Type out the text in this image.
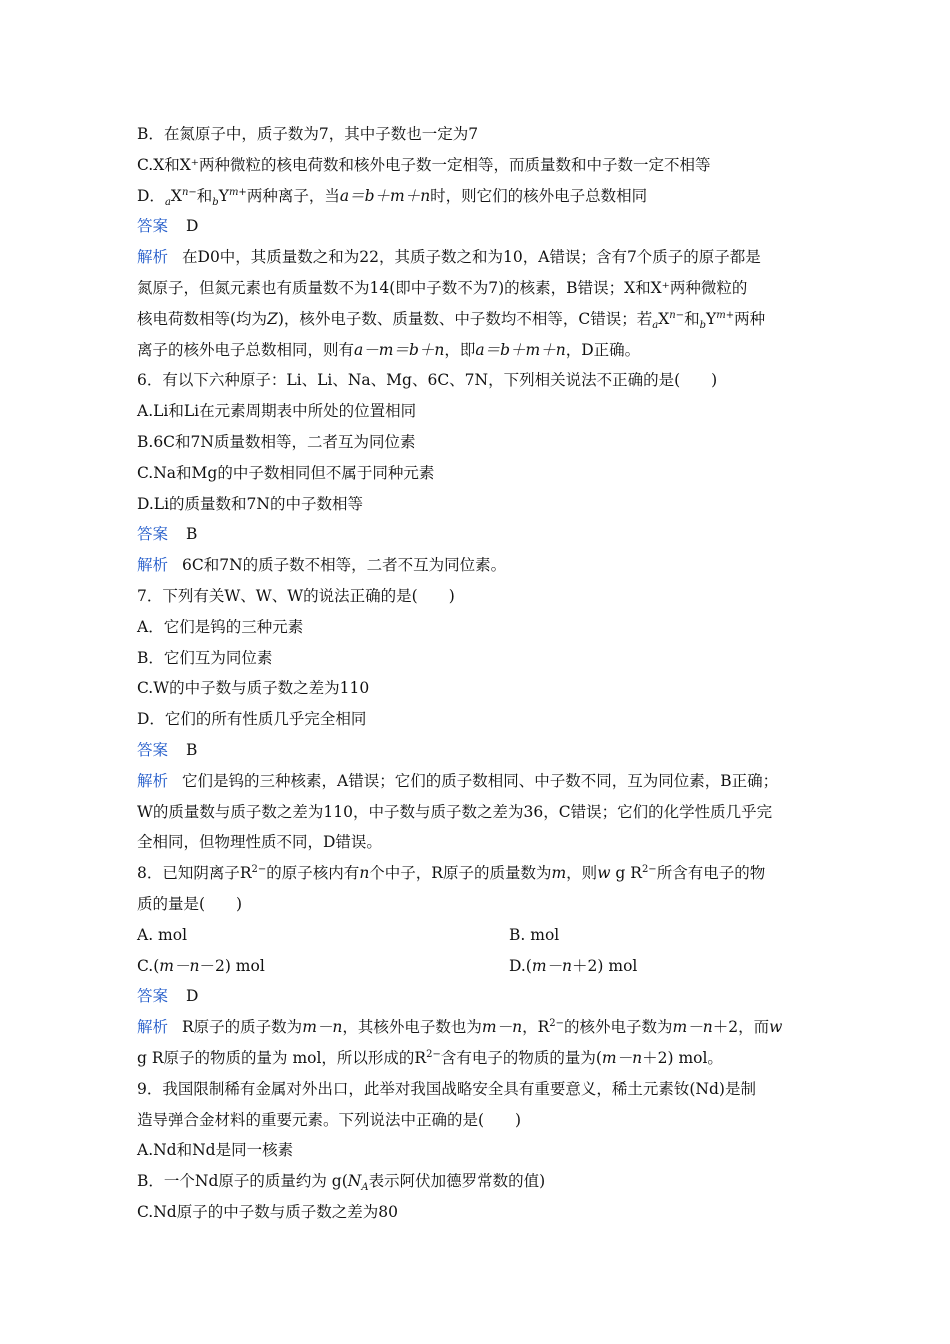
B．在氮原子中，质子数为7，其中子数也一定为7
C.X和X⁺两种微粒的核电荷数和核外电子数一定相等，而质量数和中子数一定不相等
D．$_aX^{n-}$和$_bY^{m+}$两种离子，当a＝b＋m＋n时，则它们的核外电子总数相同
答案 D
解析 在D0中，其质量数之和为22，其质子数之和为10，A错误；含有7个质子的原子都是
氮原子，但氮元素也有质量数不为14(即中子数不为7)的核素，B错误；X和X⁺两种微粒的
核电荷数相等(均为Z)，核外电子数、质量数、中子数均不相等，C错误；若$_aX^{n-}$和$_bY^{m+}$两种
离子的核外电子总数相同，则有a－m＝b＋n，即a＝b＋m＋n，D正确。
6．有以下六种原子：Li、Li、Na、Mg、6C、7N，下列相关说法不正确的是(　　)
A.Li和Li在元素周期表中所处的位置相同
B.6C和7N质量数相等，二者互为同位素
C.Na和Mg的中子数相同但不属于同种元素
D.Li的质量数和7N的中子数相等
答案 B
解析 6C和7N的质子数不相等，二者不互为同位素。
7．下列有关W、W、W的说法正确的是(　　)
A．它们是钨的三种元素
B．它们互为同位素
C.W的中子数与质子数之差为110
D．它们的所有性质几乎完全相同
答案 B
解析 它们是钨的三种核素，A错误；它们的质子数相同、中子数不同，互为同位素，B正确；
W的质量数与质子数之差为110，中子数与质子数之差为36，C错误；它们的化学性质几乎完
全相同，但物理性质不同，D错误。
8．已知阴离子$R^{2-}$的原子核内有n个中子，R原子的质量数为m，则w g $R^{2-}$所含有电子的物
质的量是(　　)
A. mol	B. mol
C.(m－n－2) mol	D.(m－n＋2) mol
答案 D
解析 R原子的质子数为m－n，其核外电子数也为m－n，$R^{2-}$的核外电子数为m－n＋2，而w
g R原子的物质的量为 mol，所以形成的$R^{2-}$含有电子的物质的量为(m－n＋2) mol。
9．我国限制稀有金属对外出口，此举对我国战略安全具有重要意义，稀土元素钕(Nd)是制
造导弹合金材料的重要元素。下列说法中正确的是(　　)
A.Nd和Nd是同一核素
B．一个Nd原子的质量约为 $g(N_A$表示阿伏加德罗常数的值)
C.Nd原子的中子数与质子数之差为80
